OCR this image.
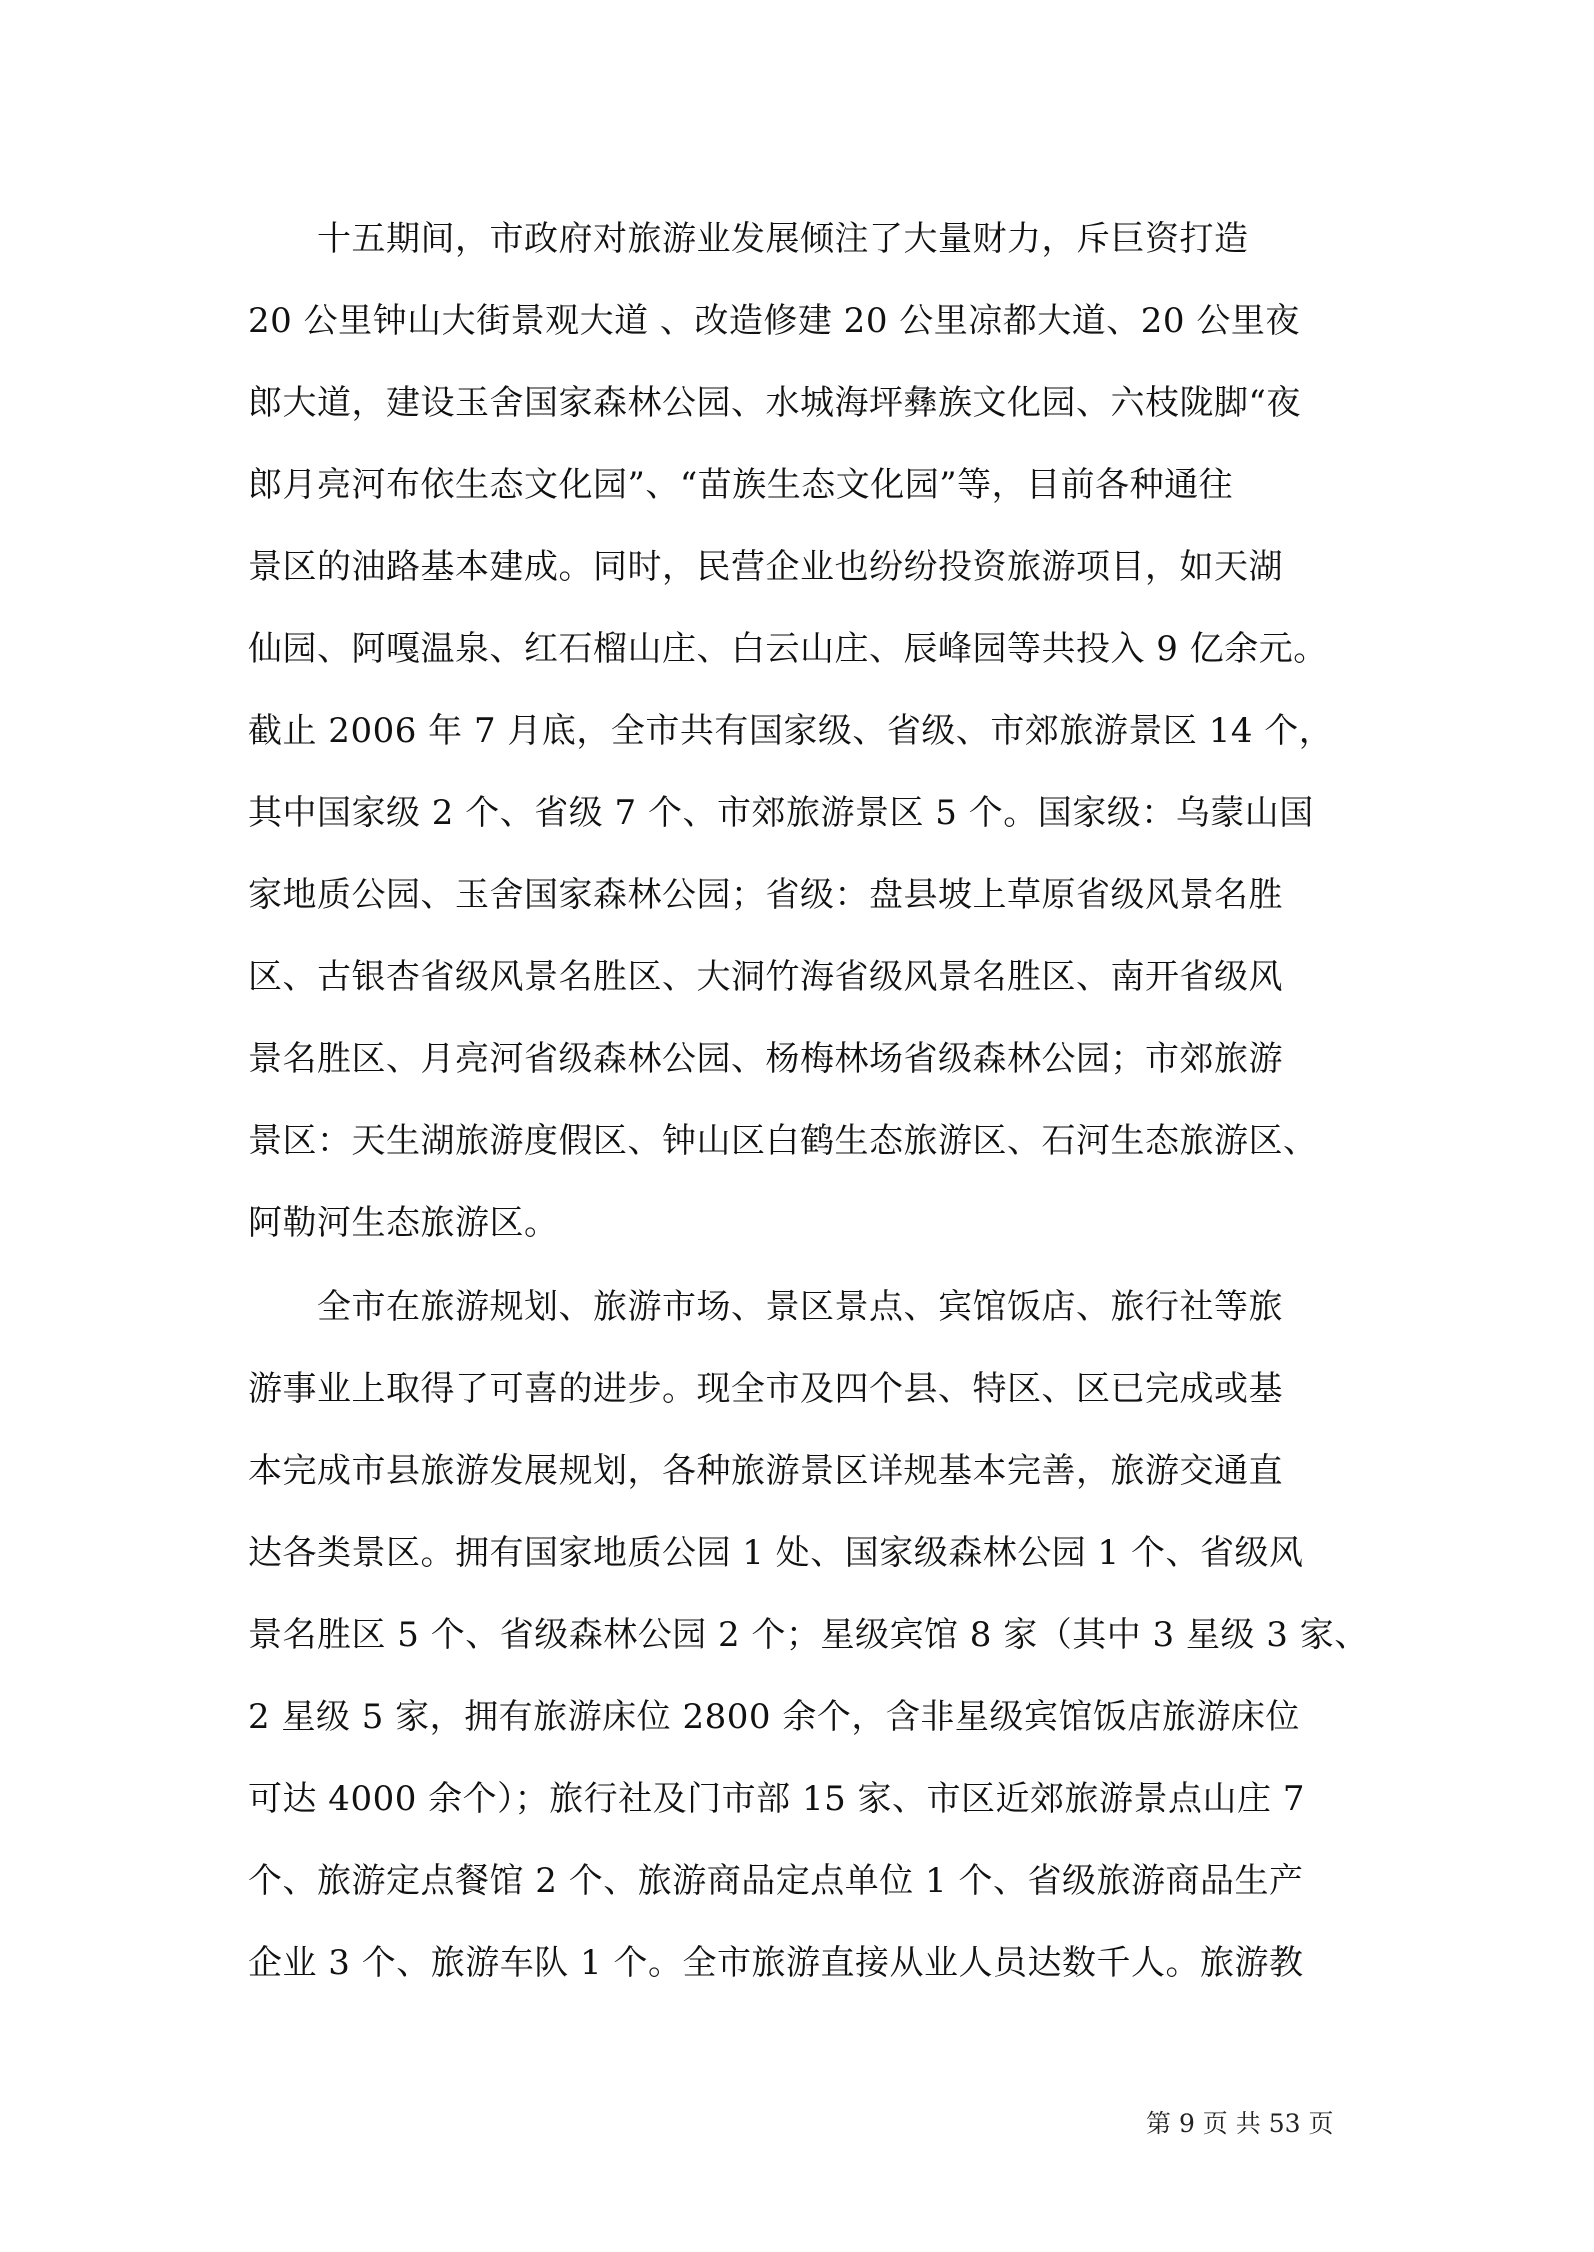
　　十五期间，市政府对旅游业发展倾注了大量财力，斥巨资打造
20 公里钟山大街景观大道 、改造修建 20 公里凉都大道、20 公里夜
郎大道，建设玉舍国家森林公园、水城海坪彝族文化园、六枝陇脚“夜
郎月亮河布依生态文化园”、“苗族生态文化园”等，目前各种通往
景区的油路基本建成。同时，民营企业也纷纷投资旅游项目，如天湖
仙园、阿嘎温泉、红石榴山庄、白云山庄、辰峰园等共投入 9 亿余元。
截止 2006 年 7 月底，全市共有国家级、省级、市郊旅游景区 14 个，
其中国家级 2 个、省级 7 个、市郊旅游景区 5 个。国家级：乌蒙山国
家地质公园、玉舍国家森林公园；省级：盘县坡上草原省级风景名胜
区、古银杏省级风景名胜区、大洞竹海省级风景名胜区、南开省级风
景名胜区、月亮河省级森林公园、杨梅林场省级森林公园；市郊旅游
景区：天生湖旅游度假区、钟山区白鹤生态旅游区、石河生态旅游区、
阿勒河生态旅游区。
　　全市在旅游规划、旅游市场、景区景点、宾馆饭店、旅行社等旅
游事业上取得了可喜的进步。现全市及四个县、特区、区已完成或基
本完成市县旅游发展规划，各种旅游景区详规基本完善，旅游交通直
达各类景区。拥有国家地质公园 1 处、国家级森林公园 1 个、省级风
景名胜区 5 个、省级森林公园 2 个；星级宾馆 8 家（其中 3 星级 3 家、
2 星级 5 家，拥有旅游床位 2800 余个，含非星级宾馆饭店旅游床位
可达 4000 余个）；旅行社及门市部 15 家、市区近郊旅游景点山庄 7
个、旅游定点餐馆 2 个、旅游商品定点单位 1 个、省级旅游商品生产
企业 3 个、旅游车队 1 个。全市旅游直接从业人员达数千人。旅游教
第 9 页 共 53 页
